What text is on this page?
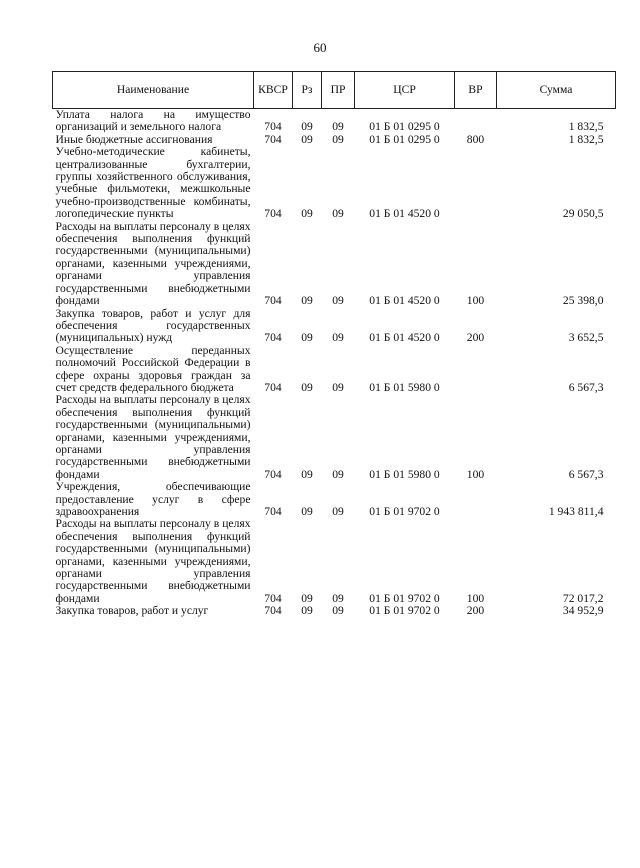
60
Наименование	КВСР	Рз	ПР	ЦСР	ВР	Сумма
Уплата налога на имущество организаций и земельного налога	704	09	09	01 Б 01 0295 0		1 832,5
Иные бюджетные ассигнования	704	09	09	01 Б 01 0295 0	800	1 832,5
Учебно-методические кабинеты, централизованные бухгалтерии, группы хозяйственного обслуживания, учебные фильмотеки, межшкольные учебно-производственные комбинаты, логопедические пункты	704	09	09	01 Б 01 4520 0		29 050,5
Расходы на выплаты персоналу в целях обеспечения выполнения функций государственными (муниципальными) органами, казенными учреждениями, органами управления государственными внебюджетными фондами	704	09	09	01 Б 01 4520 0	100	25 398,0
Закупка товаров, работ и услуг для обеспечения государственных (муниципальных) нужд	704	09	09	01 Б 01 4520 0	200	3 652,5
Осуществление переданных полномочий Российской Федерации в сфере охраны здоровья граждан за счет средств федерального бюджета	704	09	09	01 Б 01 5980 0		6 567,3
Расходы на выплаты персоналу в целях обеспечения выполнения функций государственными (муниципальными) органами, казенными учреждениями, органами управления государственными внебюджетными фондами	704	09	09	01 Б 01 5980 0	100	6 567,3
Учреждения, обеспечивающие предоставление услуг в сфере здравоохранения	704	09	09	01 Б 01 9702 0		1 943 811,4
Расходы на выплаты персоналу в целях обеспечения выполнения функций государственными (муниципальными) органами, казенными учреждениями, органами управления государственными внебюджетными фондами	704	09	09	01 Б 01 9702 0	100	72 017,2
Закупка товаров, работ и услуг	704	09	09	01 Б 01 9702 0	200	34 952,9
